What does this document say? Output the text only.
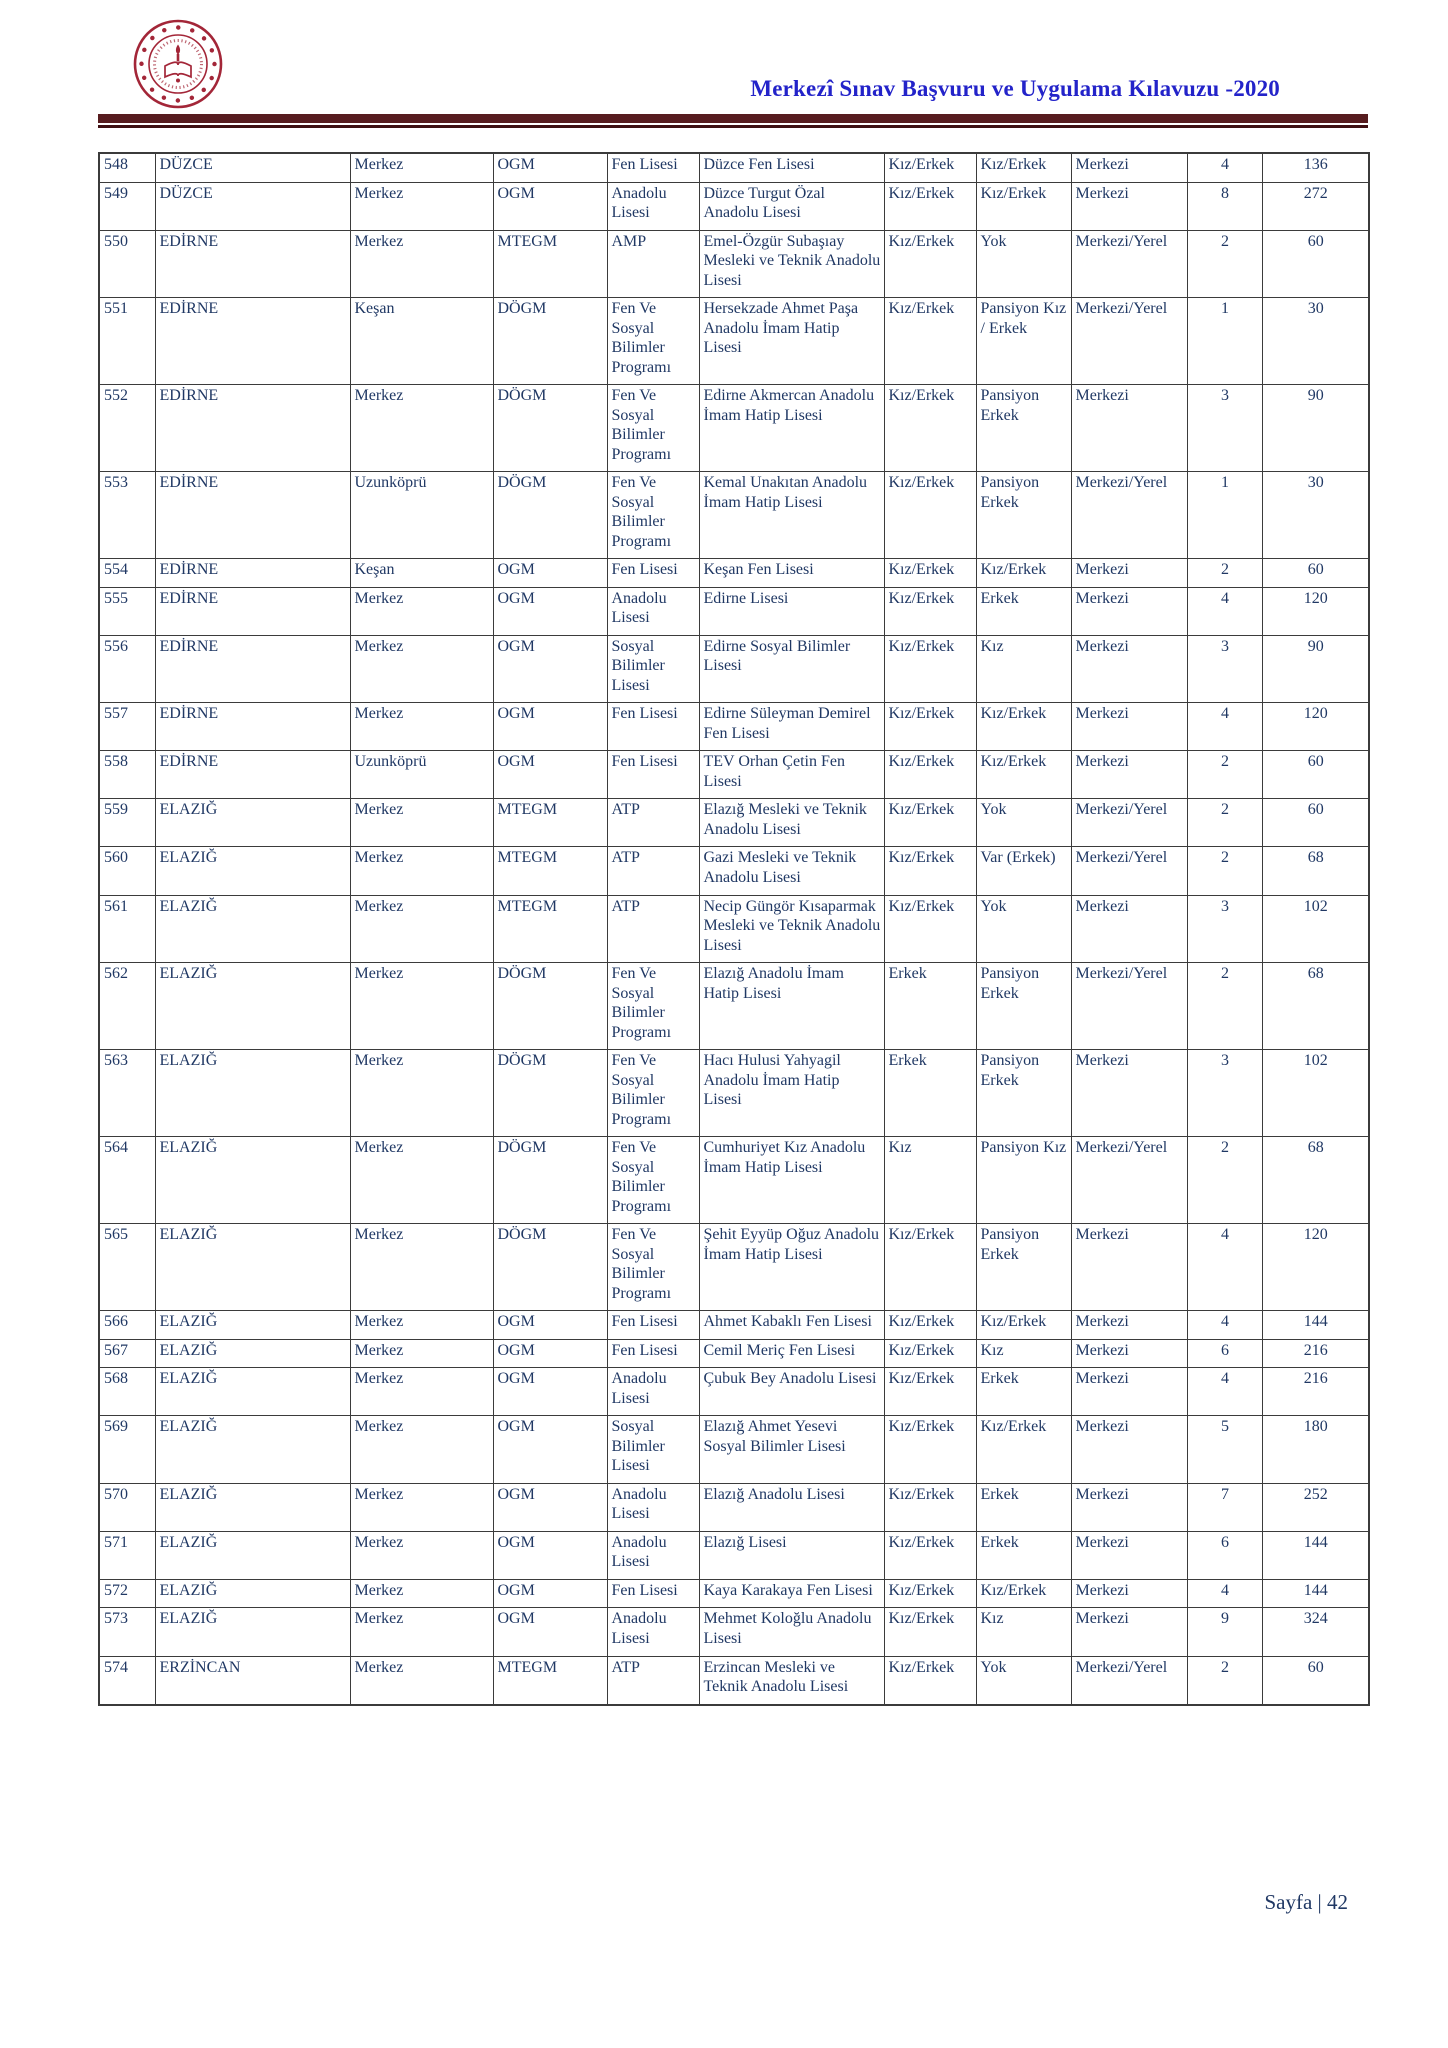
Merkezî Sınav Başvuru ve Uygulama Kılavuzu -2020
548	DÜZCE	Merkez	OGM	Fen Lisesi	Düzce Fen Lisesi	Kız/Erkek	Kız/Erkek	Merkezi	4	136
549	DÜZCE	Merkez	OGM	Anadolu Lisesi	Düzce Turgut Özal Anadolu Lisesi	Kız/Erkek	Kız/Erkek	Merkezi	8	272
550	EDİRNE	Merkez	MTEGM	AMP	Emel-Özgür Subaşıay Mesleki ve Teknik Anadolu Lisesi	Kız/Erkek	Yok	Merkezi/Yerel	2	60
551	EDİRNE	Keşan	DÖGM	Fen Ve Sosyal Bilimler Programı	Hersekzade Ahmet Paşa Anadolu İmam Hatip Lisesi	Kız/Erkek	Pansiyon Kız / Erkek	Merkezi/Yerel	1	30
552	EDİRNE	Merkez	DÖGM	Fen Ve Sosyal Bilimler Programı	Edirne Akmercan Anadolu İmam Hatip Lisesi	Kız/Erkek	Pansiyon Erkek	Merkezi	3	90
553	EDİRNE	Uzunköprü	DÖGM	Fen Ve Sosyal Bilimler Programı	Kemal Unakıtan Anadolu İmam Hatip Lisesi	Kız/Erkek	Pansiyon Erkek	Merkezi/Yerel	1	30
554	EDİRNE	Keşan	OGM	Fen Lisesi	Keşan Fen Lisesi	Kız/Erkek	Kız/Erkek	Merkezi	2	60
555	EDİRNE	Merkez	OGM	Anadolu Lisesi	Edirne Lisesi	Kız/Erkek	Erkek	Merkezi	4	120
556	EDİRNE	Merkez	OGM	Sosyal Bilimler Lisesi	Edirne Sosyal Bilimler Lisesi	Kız/Erkek	Kız	Merkezi	3	90
557	EDİRNE	Merkez	OGM	Fen Lisesi	Edirne Süleyman Demirel Fen Lisesi	Kız/Erkek	Kız/Erkek	Merkezi	4	120
558	EDİRNE	Uzunköprü	OGM	Fen Lisesi	TEV Orhan Çetin Fen Lisesi	Kız/Erkek	Kız/Erkek	Merkezi	2	60
559	ELAZIĞ	Merkez	MTEGM	ATP	Elazığ Mesleki ve Teknik Anadolu Lisesi	Kız/Erkek	Yok	Merkezi/Yerel	2	60
560	ELAZIĞ	Merkez	MTEGM	ATP	Gazi Mesleki ve Teknik Anadolu Lisesi	Kız/Erkek	Var (Erkek)	Merkezi/Yerel	2	68
561	ELAZIĞ	Merkez	MTEGM	ATP	Necip Güngör Kısaparmak Mesleki ve Teknik Anadolu Lisesi	Kız/Erkek	Yok	Merkezi	3	102
562	ELAZIĞ	Merkez	DÖGM	Fen Ve Sosyal Bilimler Programı	Elazığ Anadolu İmam Hatip Lisesi	Erkek	Pansiyon Erkek	Merkezi/Yerel	2	68
563	ELAZIĞ	Merkez	DÖGM	Fen Ve Sosyal Bilimler Programı	Hacı Hulusi Yahyagil Anadolu İmam Hatip Lisesi	Erkek	Pansiyon Erkek	Merkezi	3	102
564	ELAZIĞ	Merkez	DÖGM	Fen Ve Sosyal Bilimler Programı	Cumhuriyet Kız Anadolu İmam Hatip Lisesi	Kız	Pansiyon Kız	Merkezi/Yerel	2	68
565	ELAZIĞ	Merkez	DÖGM	Fen Ve Sosyal Bilimler Programı	Şehit Eyyüp Oğuz Anadolu İmam Hatip Lisesi	Kız/Erkek	Pansiyon Erkek	Merkezi	4	120
566	ELAZIĞ	Merkez	OGM	Fen Lisesi	Ahmet Kabaklı Fen Lisesi	Kız/Erkek	Kız/Erkek	Merkezi	4	144
567	ELAZIĞ	Merkez	OGM	Fen Lisesi	Cemil Meriç Fen Lisesi	Kız/Erkek	Kız	Merkezi	6	216
568	ELAZIĞ	Merkez	OGM	Anadolu Lisesi	Çubuk Bey Anadolu Lisesi	Kız/Erkek	Erkek	Merkezi	4	216
569	ELAZIĞ	Merkez	OGM	Sosyal Bilimler Lisesi	Elazığ Ahmet Yesevi Sosyal Bilimler Lisesi	Kız/Erkek	Kız/Erkek	Merkezi	5	180
570	ELAZIĞ	Merkez	OGM	Anadolu Lisesi	Elazığ Anadolu Lisesi	Kız/Erkek	Erkek	Merkezi	7	252
571	ELAZIĞ	Merkez	OGM	Anadolu Lisesi	Elazığ Lisesi	Kız/Erkek	Erkek	Merkezi	6	144
572	ELAZIĞ	Merkez	OGM	Fen Lisesi	Kaya Karakaya Fen Lisesi	Kız/Erkek	Kız/Erkek	Merkezi	4	144
573	ELAZIĞ	Merkez	OGM	Anadolu Lisesi	Mehmet Koloğlu Anadolu Lisesi	Kız/Erkek	Kız	Merkezi	9	324
574	ERZİNCAN	Merkez	MTEGM	ATP	Erzincan Mesleki ve Teknik Anadolu Lisesi	Kız/Erkek	Yok	Merkezi/Yerel	2	60
Sayfa | 42
